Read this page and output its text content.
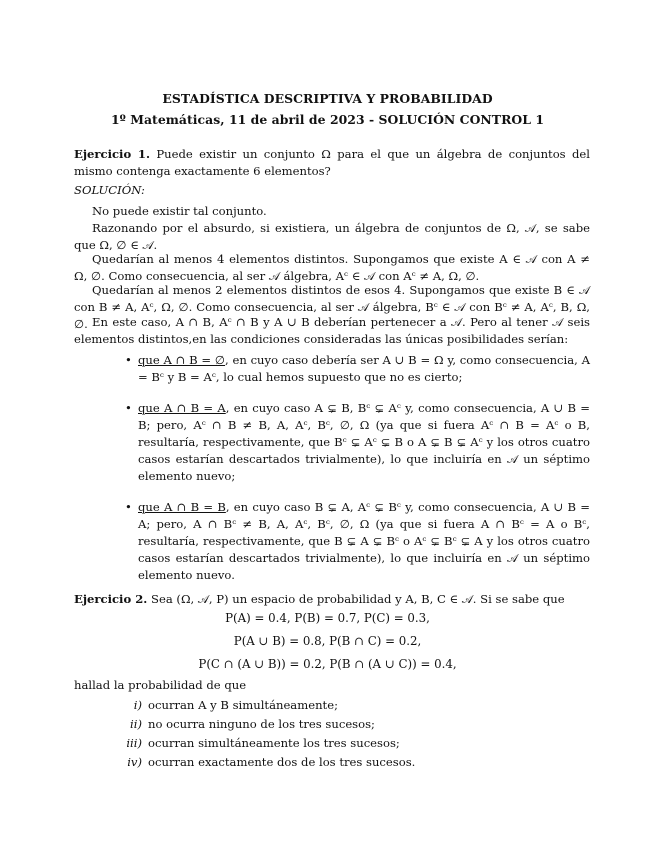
ESTADÍSTICA DESCRIPTIVA Y PROBABILIDAD
1º Matemáticas, 11 de abril de 2023 - SOLUCIÓN CONTROL 1

Ejercicio 1. Puede existir un conjunto Ω para el que un álgebra de conjuntos del mismo contenga exactamente 6 elementos?

SOLUCIÓN:

No puede existir tal conjunto.

Razonando por el absurdo, si existiera, un álgebra de conjuntos de Ω, 𝒜, se sabe que Ω, ∅ ∈ 𝒜.

Quedarían al menos 4 elementos distintos. Supongamos que existe A ∈ 𝒜 con A ≠ Ω, ∅. Como consecuencia, al ser 𝒜 álgebra, Aᶜ ∈ 𝒜 con Aᶜ ≠ A, Ω, ∅.

Quedarían al menos 2 elementos distintos de esos 4. Supongamos que existe B ∈ 𝒜 con B ≠ A, Aᶜ, Ω, ∅. Como consecuencia, al ser 𝒜 álgebra, Bᶜ ∈ 𝒜 con Bᶜ ≠ A, Aᶜ, B, Ω, ∅. En este caso, A ∩ B, Aᶜ ∩ B y A ∪ B deberían pertenecer a 𝒜. Pero al tener 𝒜 seis elementos distintos,en las condiciones consideradas las únicas posibilidades serían:

• que A ∩ B = ∅, en cuyo caso debería ser A ∪ B = Ω y, como consecuencia, A = Bᶜ y B = Aᶜ, lo cual hemos supuesto que no es cierto;
• que A ∩ B = A, en cuyo caso A ⊊ B, Bᶜ ⊊ Aᶜ y, como consecuencia, A ∪ B = B; pero, Aᶜ ∩ B ≠ B, A, Aᶜ, Bᶜ, ∅, Ω (ya que si fuera Aᶜ ∩ B = Aᶜ o B, resultaría, respectivamente, que Bᶜ ⊊ Aᶜ ⊊ B o A ⊊ B ⊊ Aᶜ y los otros cuatro casos estarían descartados trivialmente), lo que incluiría en 𝒜 un séptimo elemento nuevo;
• que A ∩ B = B, en cuyo caso B ⊊ A, Aᶜ ⊊ Bᶜ y, como consecuencia, A ∪ B = A; pero, A ∩ Bᶜ ≠ B, A, Aᶜ, Bᶜ, ∅, Ω (ya que si fuera A ∩ Bᶜ = A o Bᶜ, resultaría, respectivamente, que B ⊊ A ⊊ Bᶜ o Aᶜ ⊊ Bᶜ ⊊ A y los otros cuatro casos estarían descartados trivialmente), lo que incluiría en 𝒜 un séptimo elemento nuevo.

Ejercicio 2. Sea (Ω, 𝒜, P) un espacio de probabilidad y A, B, C ∈ 𝒜. Si se sabe que

P(A) = 0.4, P(B) = 0.7, P(C) = 0.3,
P(A ∪ B) = 0.8, P(B ∩ C) = 0.2,
P(C ∩ (A ∪ B)) = 0.2, P(B ∩ (A ∪ C)) = 0.4,

hallad la probabilidad de que

i) ocurran A y B simultáneamente;
ii) no ocurra ninguno de los tres sucesos;
iii) ocurran simultáneamente los tres sucesos;
iv) ocurran exactamente dos de los tres sucesos.
